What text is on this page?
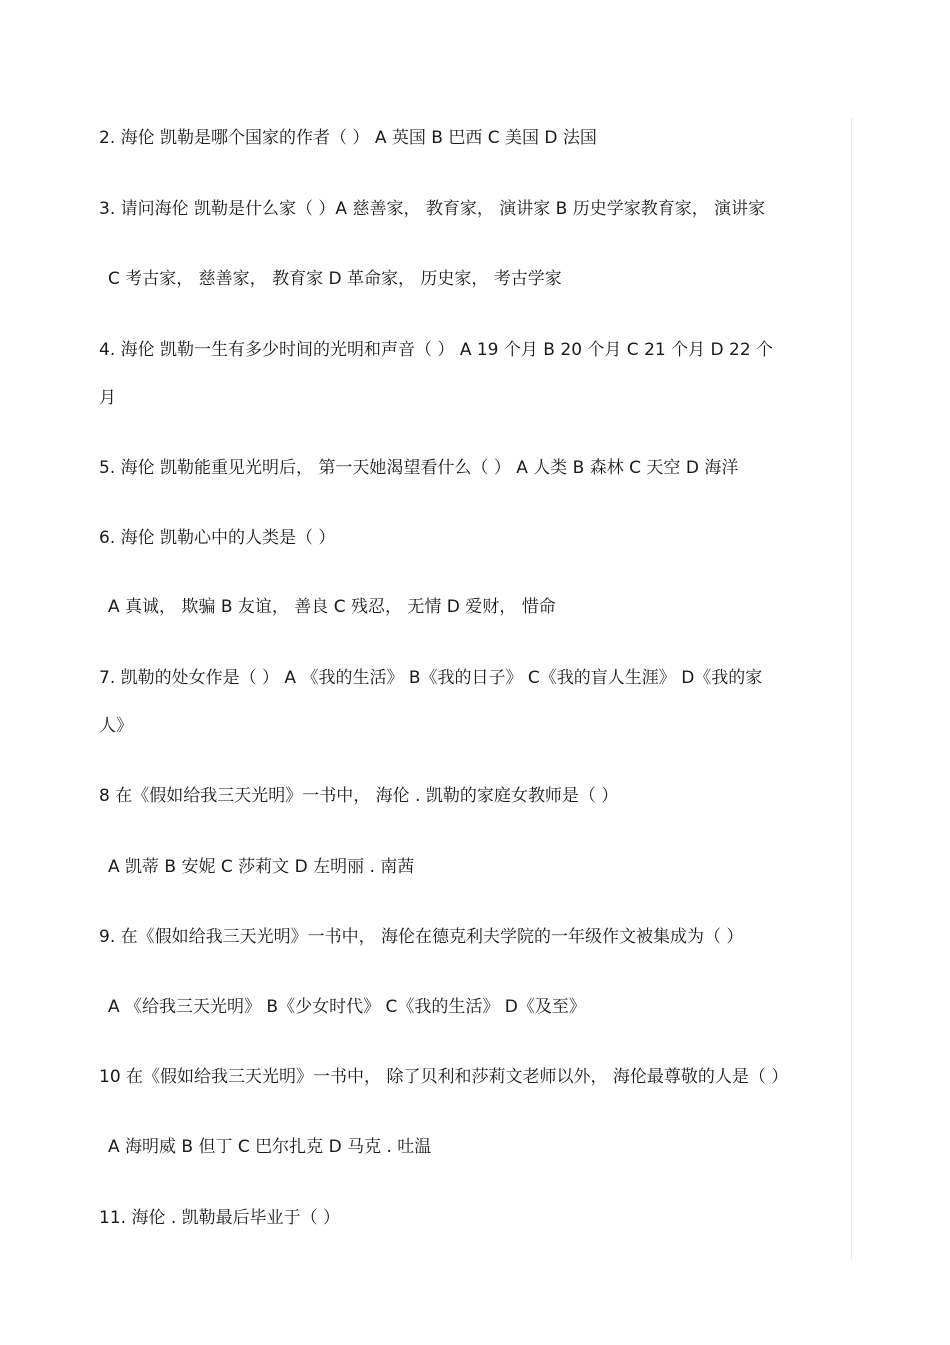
2. 海伦 凯勒是哪个国家的作者（ ） A 英国 B 巴西 C 美国 D 法国
3. 请问海伦 凯勒是什么家（ ）A 慈善家， 教育家， 演讲家 B 历史学家教育家， 演讲家
C 考古家， 慈善家， 教育家 D 革命家， 历史家， 考古学家
4. 海伦 凯勒一生有多少时间的光明和声音（ ） A 19 个月 B 20 个月 C 21 个月 D 22 个
月
5. 海伦 凯勒能重见光明后， 第一天她渴望看什么（ ） A 人类 B 森林 C 天空 D 海洋
6. 海伦 凯勒心中的人类是（ ）
A 真诚， 欺骗 B 友谊， 善良 C 残忍， 无情 D 爱财， 惜命
7. 凯勒的处女作是（ ） A 《我的生活》 B《我的日子》 C《我的盲人生涯》 D《我的家
人》
8 在《假如给我三天光明》一书中， 海伦 . 凯勒的家庭女教师是（ ）
A 凯蒂 B 安妮 C 莎莉文 D 左明丽 . 南茜
9. 在《假如给我三天光明》一书中， 海伦在德克利夫学院的一年级作文被集成为（ ）
A 《给我三天光明》 B《少女时代》 C《我的生活》 D《及至》
10 在《假如给我三天光明》一书中， 除了贝利和莎莉文老师以外， 海伦最尊敬的人是（ ）
A 海明威 B 但丁 C 巴尔扎克 D 马克 . 吐温
11. 海伦 . 凯勒最后毕业于（ ）
